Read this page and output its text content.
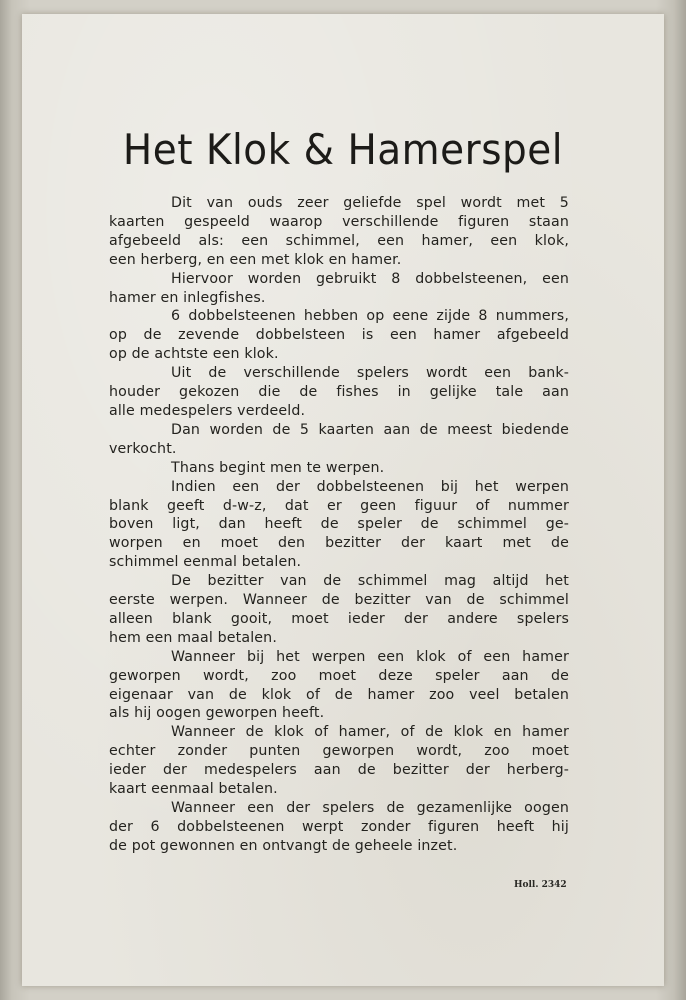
Het Klok & Hamerspel
Dit van ouds zeer geliefde spel wordt met 5
kaarten gespeeld waarop verschillende figuren staan
afgebeeld als: een schimmel, een hamer, een klok,
een herberg, en een met klok en hamer.
Hiervoor worden gebruikt 8 dobbelsteenen, een
hamer en inlegfishes.
6 dobbelsteenen hebben op eene zijde 8 nummers,
op de zevende dobbelsteen is een hamer afgebeeld
op de achtste een klok.
Uit de verschillende spelers wordt een bank-
houder gekozen die de fishes in gelijke tale aan
alle medespelers verdeeld.
Dan worden de 5 kaarten aan de meest biedende
verkocht.
Thans begint men te werpen.
Indien een der dobbelsteenen bij het werpen
blank geeft d-w-z, dat er geen figuur of nummer
boven ligt, dan heeft de speler de schimmel ge-
worpen en moet den bezitter der kaart met de
schimmel eenmal betalen.
De bezitter van de schimmel mag altijd het
eerste werpen. Wanneer de bezitter van de schimmel
alleen blank gooit, moet ieder der andere spelers
hem een maal betalen.
Wanneer bij het werpen een klok of een hamer
geworpen wordt, zoo moet deze speler aan de
eigenaar van de klok of de hamer zoo veel betalen
als hij oogen geworpen heeft.
Wanneer de klok of hamer, of de klok en hamer
echter zonder punten geworpen wordt, zoo moet
ieder der medespelers aan de bezitter der herberg-
kaart eenmaal betalen.
Wanneer een der spelers de gezamenlijke oogen
der 6 dobbelsteenen werpt zonder figuren heeft hij
de pot gewonnen en ontvangt de geheele inzet.
Holl. 2342
